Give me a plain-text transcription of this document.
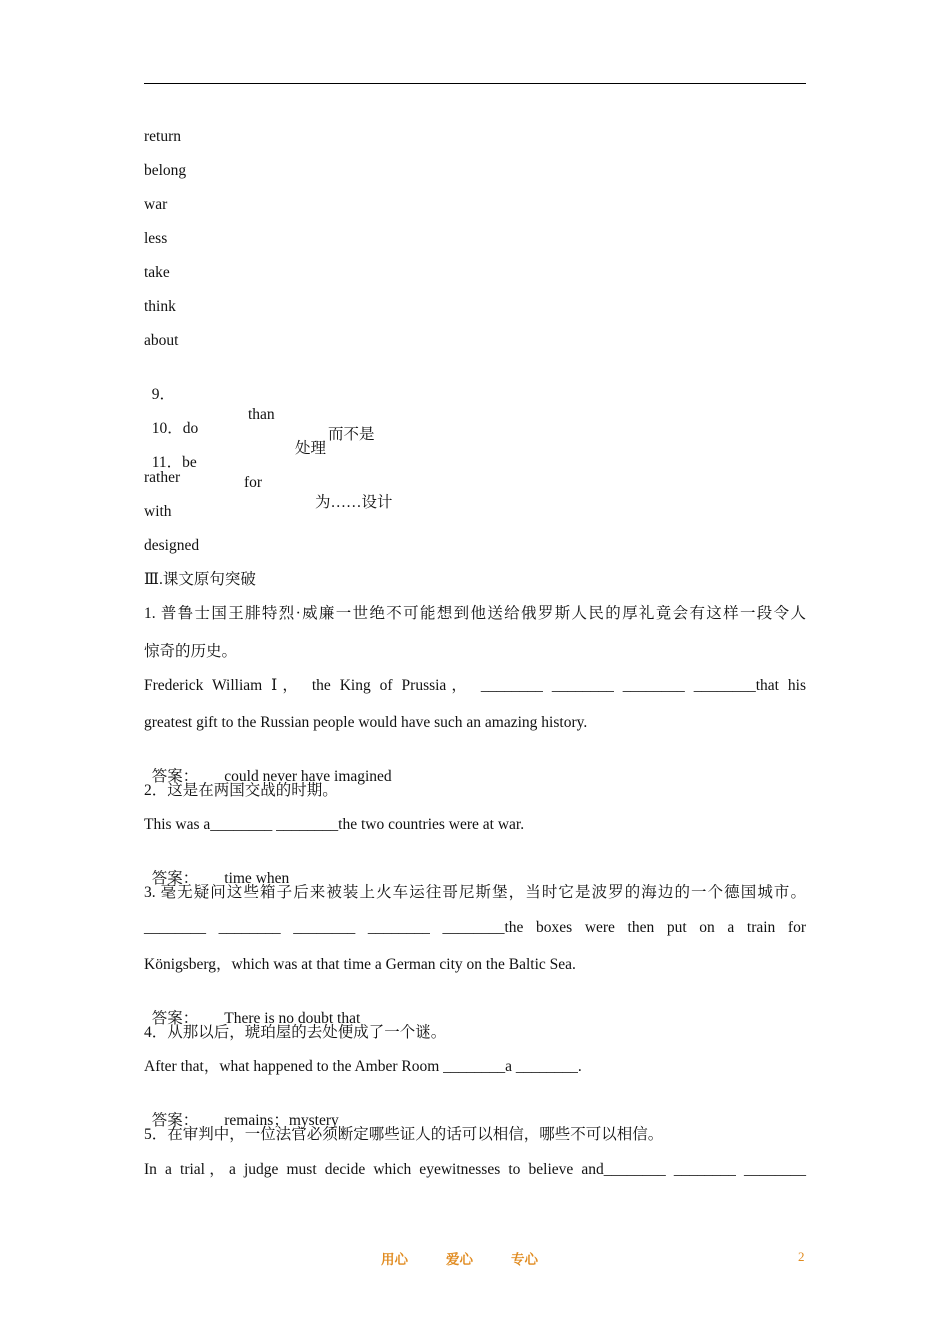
return
belong
war
less
take
think
about

9．

than

而不是

10．do

处理

11．be

for

为……设计

rather
with
designed
Ⅲ.课文原句突破
1. 普鲁士国王腓特烈·威廉一世绝不可能想到他送给俄罗斯人民的厚礼竟会有这样一段令人
惊奇的历史。
Frederick William Ⅰ， the King of Prussia， ________ ________ ________ ________that his
greatest gift to the Russian people would have such an amazing history.

答案： could never have imagined

2．这是在两国交战的时期。
This was a________ ________the two countries were at war.

答案： time when

3. 毫无疑问这些箱子后来被装上火车运往哥尼斯堡，当时它是波罗的海边的一个德国城市。
________ ________ ________ ________ ________the boxes were then put on a train for
Königsberg，which was at that time a German city on the Baltic Sea.

答案： There is no doubt that

4．从那以后，琥珀屋的去处便成了一个谜。
After that，what happened to the Amber Room ________a ________.

答案： remains；mystery

5．在审判中，一位法官必须断定哪些证人的话可以相信，哪些不可以相信。
In a trial，a judge must decide which eyewitnesses to believe and________ ________ ________
用心	爱心	专心	2
